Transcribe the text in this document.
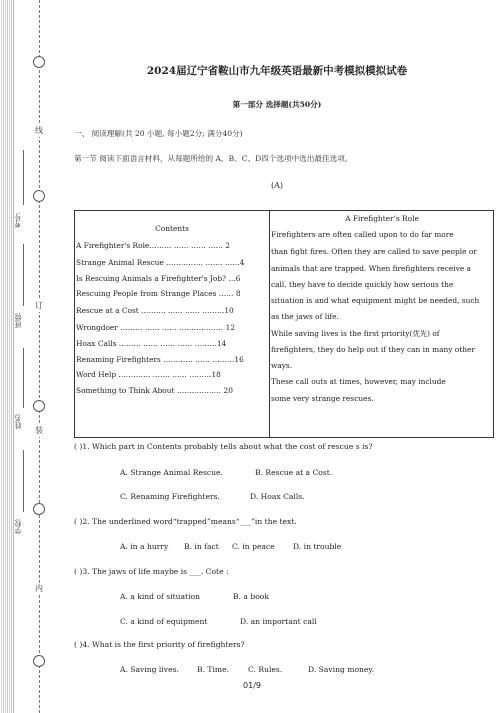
线
订
装
内
考号:
班级:
姓名:
学校:
2024届辽宁省鞍山市九年级英语最新中考模拟模拟试卷
第一部分 选择题(共50分)
一、 阅读理解(共 20 小题, 每小题2分; 满分40分)
第一节 阅读下面语言材料，从每题所给的 A、B、C、D四个选项中选出最佳选项。
(A)
Contents
A Firefighter's Role……… …… …… …… 2
Strange Animal Rescue …………… ……. ……4
Is Rescuing Animals a Firefighter's Job? …6
Rescuing People from Strange Places …… 8
Rescue at a Cost ………. …… …… ………10
Wrongdoer ……… …… …… ……………… 12
Hoax Calls ……… …… …… …… ………14
Renaming Firefighters ………… …… ………16
Word Help …………. ……. …… ………18
Something to Think About ……………… 20
A Firefighter’s Role
Firefighters are often called upon to do far more
than fight fires. Often they are called to save people or
animals that are trapped. When firefighters receive a
call, they have to decide quickly how serious the
situation is and what equipment might be needed, such
as the jaws of life.
While saving lives is the first priority(优先) of
firefighters, they do help out if they can in many other
ways.
These call outs at times, however, may include
some very strange rescues.
( )1. Which part in Contents probably tells about what the cost of rescue s is?
A. Strange Animal Rescue.	B. Rescue at a Cost.
C. Renaming Firefighters.	D. Hoax Calls.
( )2. The underlined word“trapped”means“___”in the text.
A. in a hurry B. in fact C. in peace D. in trouble
( )3. The jaws of life maybe is ___. Cote :
A. a kind of situation	B. a book
C. a kind of equipment	D. an important call
( )4. What is the first priority of firefighters?
A. Saving lives. B. Time. C. Rules.	D. Saving money.
01/9
